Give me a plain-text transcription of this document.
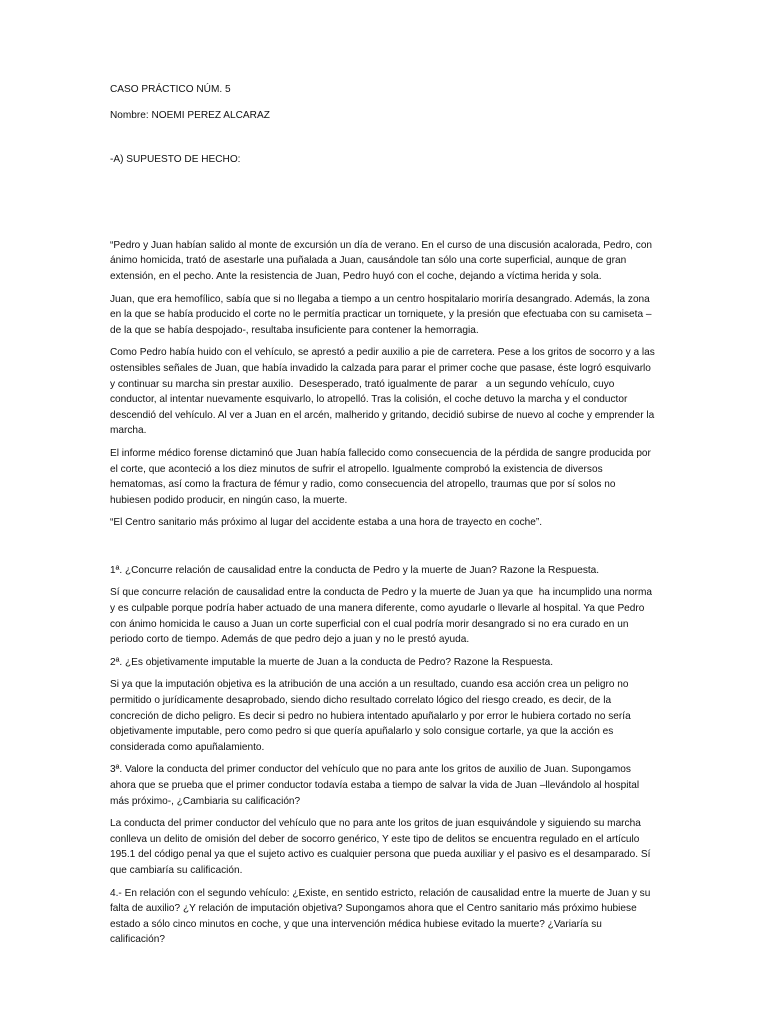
CASO PRÁCTICO NÚM. 5

Nombre: NOEMI PEREZ ALCARAZ

-A) SUPUESTO DE HECHO:

“Pedro y Juan habían salido al monte de excursión un día de verano. En el curso de una discusión acalorada, Pedro, con ánimo homicida, trató de asestarle una puñalada a Juan, causándole tan sólo una corte superficial, aunque de gran extensión, en el pecho. Ante la resistencia de Juan, Pedro huyó con el coche, dejando a víctima herida y sola.

Juan, que era hemofílico, sabía que si no llegaba a tiempo a un centro hospitalario moriría desangrado. Además, la zona en la que se había producido el corte no le permitía practicar un torniquete, y la presión que efectuaba con su camiseta –de la que se había despojado-, resultaba insuficiente para contener la hemorragia.

Como Pedro había huido con el vehículo, se aprestó a pedir auxilio a pie de carretera. Pese a los gritos de socorro y a las ostensibles señales de Juan, que había invadido la calzada para parar el primer coche que pasase, éste logró esquivarlo y continuar su marcha sin prestar auxilio.  Desesperado, trató igualmente de parar   a un segundo vehículo, cuyo conductor, al intentar nuevamente esquivarlo, lo atropelló. Tras la colisión, el coche detuvo la marcha y el conductor descendió del vehículo. Al ver a Juan en el arcén, malherido y gritando, decidió subirse de nuevo al coche y emprender la marcha.

El informe médico forense dictaminó que Juan había fallecido como consecuencia de la pérdida de sangre producida por el corte, que aconteció a los diez minutos de sufrir el atropello. Igualmente comprobó la existencia de diversos hematomas, así como la fractura de fémur y radio, como consecuencia del atropello, traumas que por sí solos no hubiesen podido producir, en ningún caso, la muerte.

“El Centro sanitario más próximo al lugar del accidente estaba a una hora de trayecto en coche”.

1ª. ¿Concurre relación de causalidad entre la conducta de Pedro y la muerte de Juan? Razone la Respuesta.

Sí que concurre relación de causalidad entre la conducta de Pedro y la muerte de Juan ya que  ha incumplido una norma  y es culpable porque podría haber actuado de una manera diferente, como ayudarle o llevarle al hospital. Ya que Pedro con ánimo homicida le causo a Juan un corte superficial con el cual podría morir desangrado si no era curado en un periodo corto de tiempo. Además de que pedro dejo a juan y no le prestó ayuda.

2ª. ¿Es objetivamente imputable la muerte de Juan a la conducta de Pedro? Razone la Respuesta.

Si ya que la imputación objetiva es la atribución de una acción a un resultado, cuando esa acción crea un peligro no permitido o jurídicamente desaprobado, siendo dicho resultado correlato lógico del riesgo creado, es decir, de la concreción de dicho peligro. Es decir si pedro no hubiera intentado apuñalarlo y por error le hubiera cortado no sería objetivamente imputable, pero como pedro si que quería apuñalarlo y solo consigue cortarle, ya que la acción es considerada como apuñalamiento.

3ª. Valore la conducta del primer conductor del vehículo que no para ante los gritos de auxilio de Juan. Supongamos ahora que se prueba que el primer conductor todavía estaba a tiempo de salvar la vida de Juan –llevándolo al hospital más próximo-, ¿Cambiaria su calificación?

La conducta del primer conductor del vehículo que no para ante los gritos de juan esquivándole y siguiendo su marcha conlleva un delito de omisión del deber de socorro genérico, Y este tipo de delitos se encuentra regulado en el artículo 195.1 del código penal ya que el sujeto activo es cualquier persona que pueda auxiliar y el pasivo es el desamparado. Sí que cambiaría su calificación.

4.- En relación con el segundo vehículo: ¿Existe, en sentido estricto, relación de causalidad entre la muerte de Juan y su falta de auxilio? ¿Y relación de imputación objetiva? Supongamos ahora que el Centro sanitario más próximo hubiese estado a sólo cinco minutos en coche, y que una intervención médica hubiese evitado la muerte? ¿Variaría su calificación?
